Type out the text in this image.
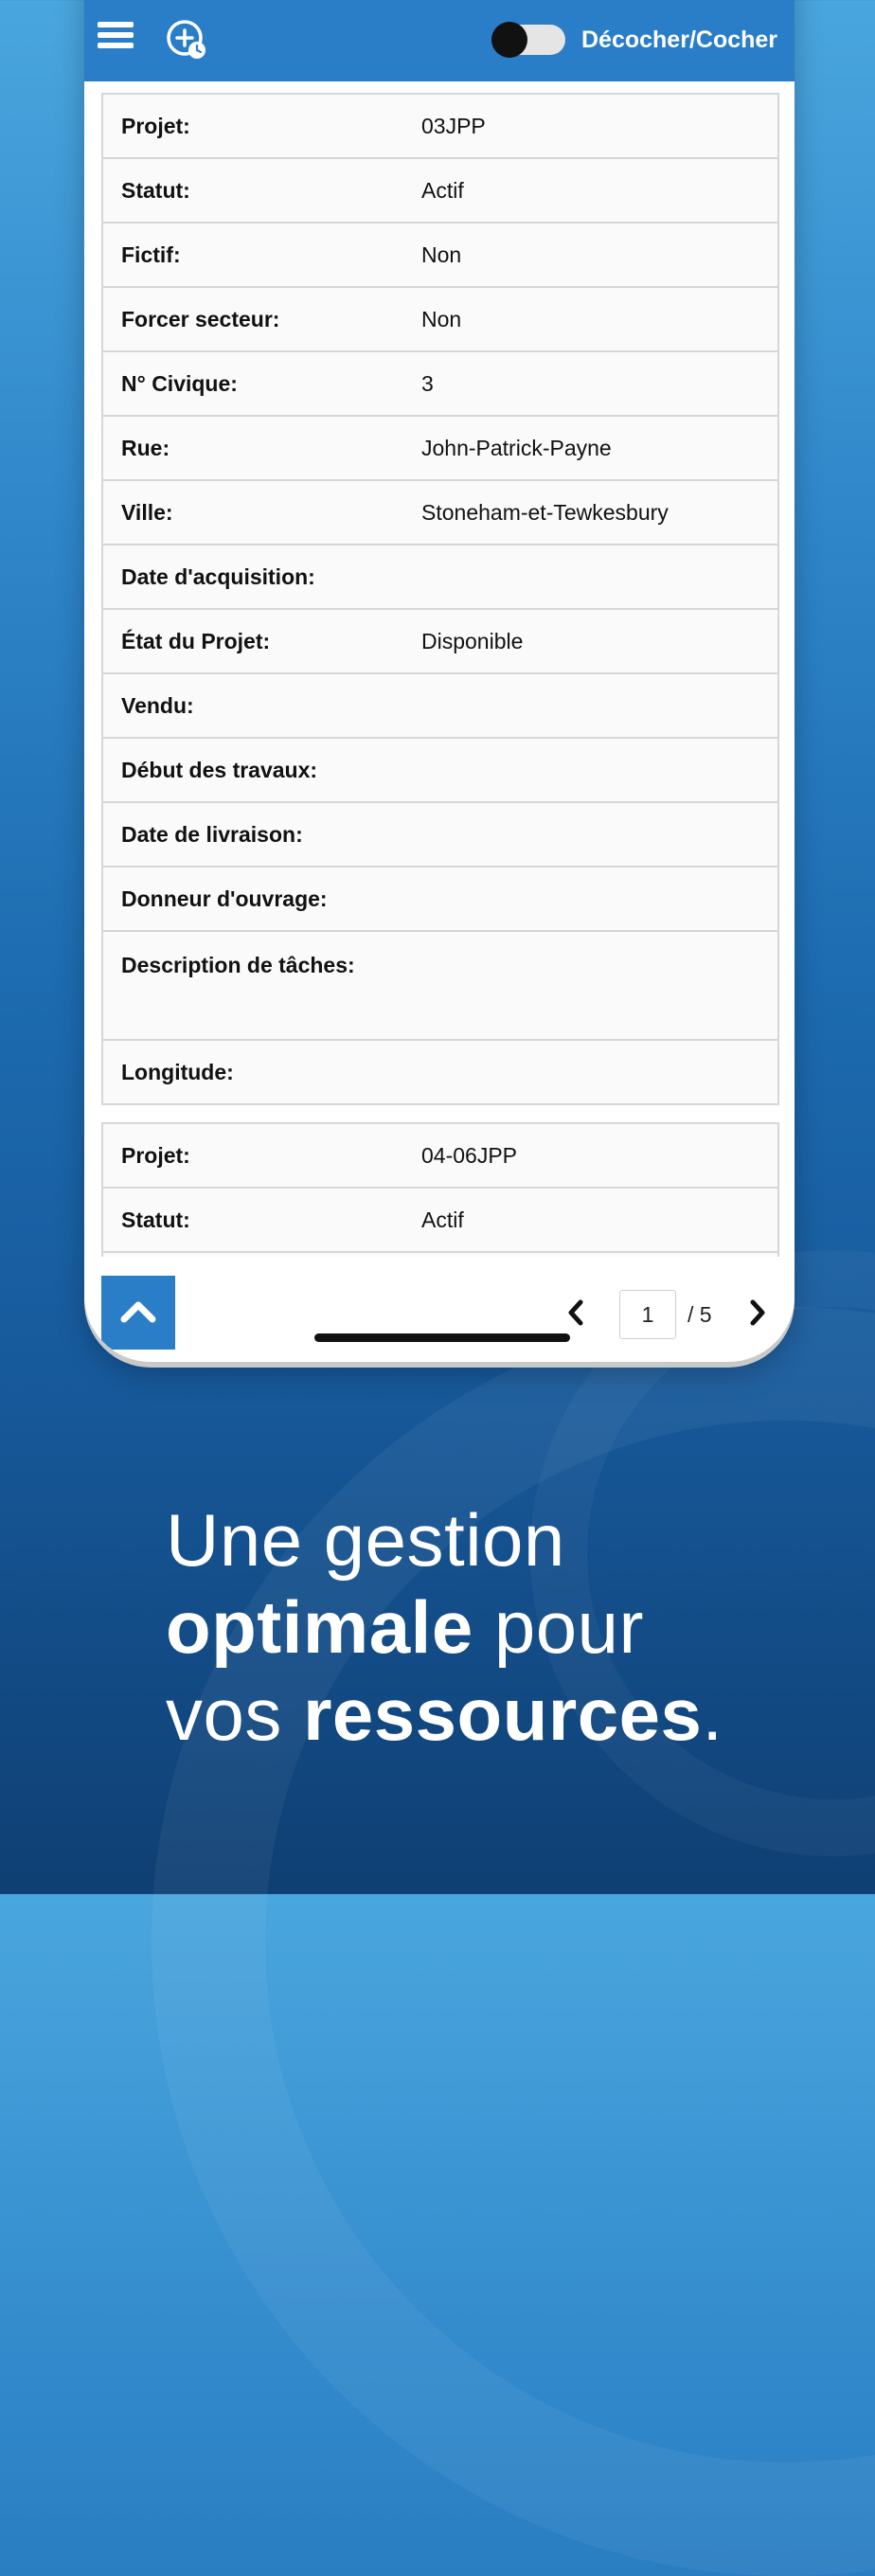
Décocher/Cocher
Projet:	03JPP
Statut:	Actif
Fictif:	Non
Forcer secteur:	Non
N° Civique:	3
Rue:	John-Patrick-Payne
Ville:	Stoneham-et-Tewkesbury
Date d'acquisition:
État du Projet:	Disponible
Vendu:
Début des travaux:
Date de livraison:
Donneur d'ouvrage:
Description de tâches:
Longitude:
Projet:	04-06JPP
Statut:	Actif
1	/ 5
Une gestion
optimale pour
vos ressources.
